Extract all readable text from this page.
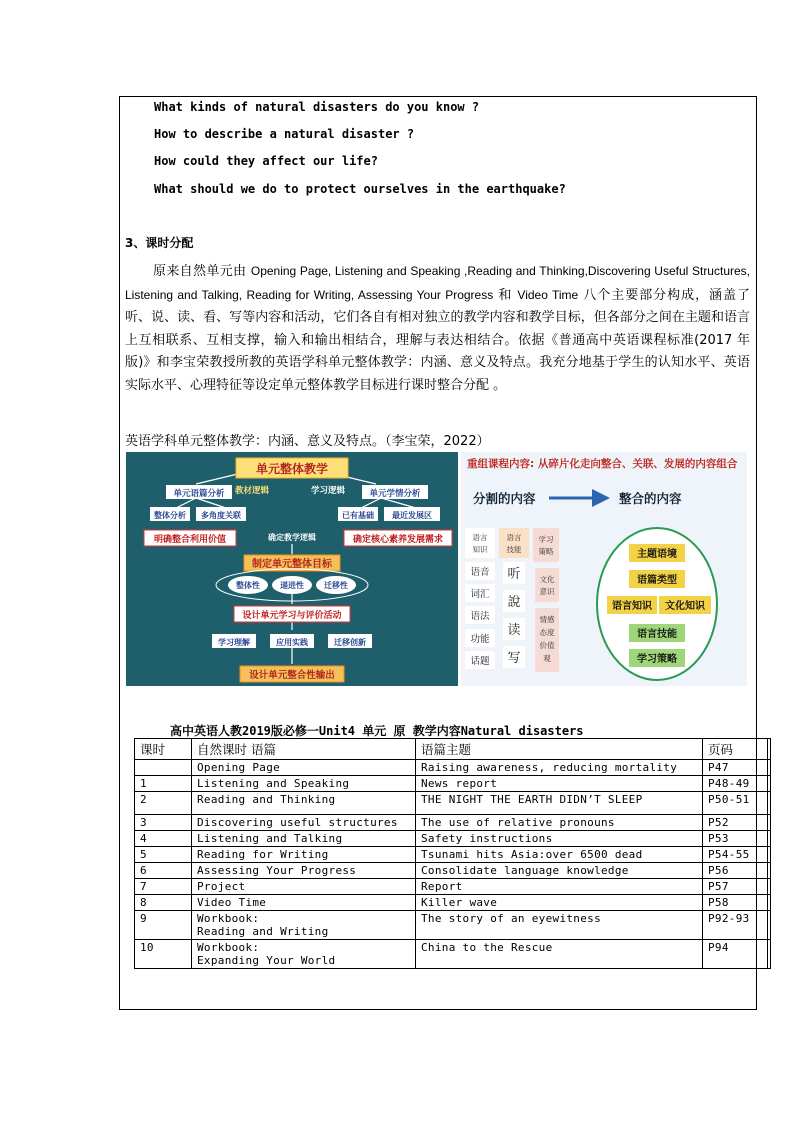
What kinds of natural disasters do you know ?
How to describe a natural disaster ?
How could they affect our life?
What should we do to protect ourselves in the earthquake?
3、课时分配
原来自然单元由 Opening Page, Listening and Speaking ,Reading and Thinking,Discovering Useful Structures, Listening and Talking, Reading for Writing, Assessing Your Progress 和 Video Time 八个主要部分构成，涵盖了听、说、读、看、写等内容和活动，它们各自有相对独立的教学内容和教学目标，但各部分之间在主题和语言上互相联系、互相支撑，输入和输出相结合，理解与表达相结合。依据《普通高中英语课程标准(2017 年版)》和李宝荣教授所教的英语学科单元整体教学：内涵、意义及特点。我充分地基于学生的认知水平、英语实际水平、心理特征等设定单元整体教学目标进行课时整合分配 。
英语学科单元整体教学：内涵、意义及特点。（李宝荣，2022）
单元整体教学
教材逻辑	学习逻辑
单元语篇分析	单元学情分析
整体分析 多角度关联	已有基础 最近发展区
明确整合利用价值	确定教学逻辑	确定核心素养发展需求
制定单元整体目标
整体性	递进性	迁移性
设计单元学习与评价活动
学习理解	应用实践	迁移创新
设计单元整合性输出
重组课程内容: 从碎片化走向整合、关联、发展的内容组合
分割的内容	整合的内容
语言
知识
语言
技能
学习
策略
语音
词汇
语法
功能
话题
听
說
读
写
文化
意识
情感
态度
价值
观
主题语境
语篇类型
语言知识 文化知识
语言技能
学习策略
高中英语人教2019版必修一Unit4 单元 原 教学内容Natural disasters
课时	自然课时 语篇	语篇主题	页码	
	Opening Page	Raising awareness, reducing mortality	P47	
1	Listening and Speaking	News report	P48-49	
2	Reading and Thinking	THE NIGHT THE EARTH DIDN’T SLEEP	P50-51	
3	Discovering useful structures	The use of relative pronouns	P52	
4	Listening and Talking	Safety instructions	P53	
5	Reading for Writing	Tsunami hits Asia:over 6500 dead	P54-55	
6	Assessing Your Progress	Consolidate language knowledge	P56	
7	Project	Report	P57	
8	Video Time	Killer wave	P58	
9	Workbook:
Reading and Writing	The story of an eyewitness	P92-93	
10	Workbook:
Expanding Your World	China to the Rescue	P94	
